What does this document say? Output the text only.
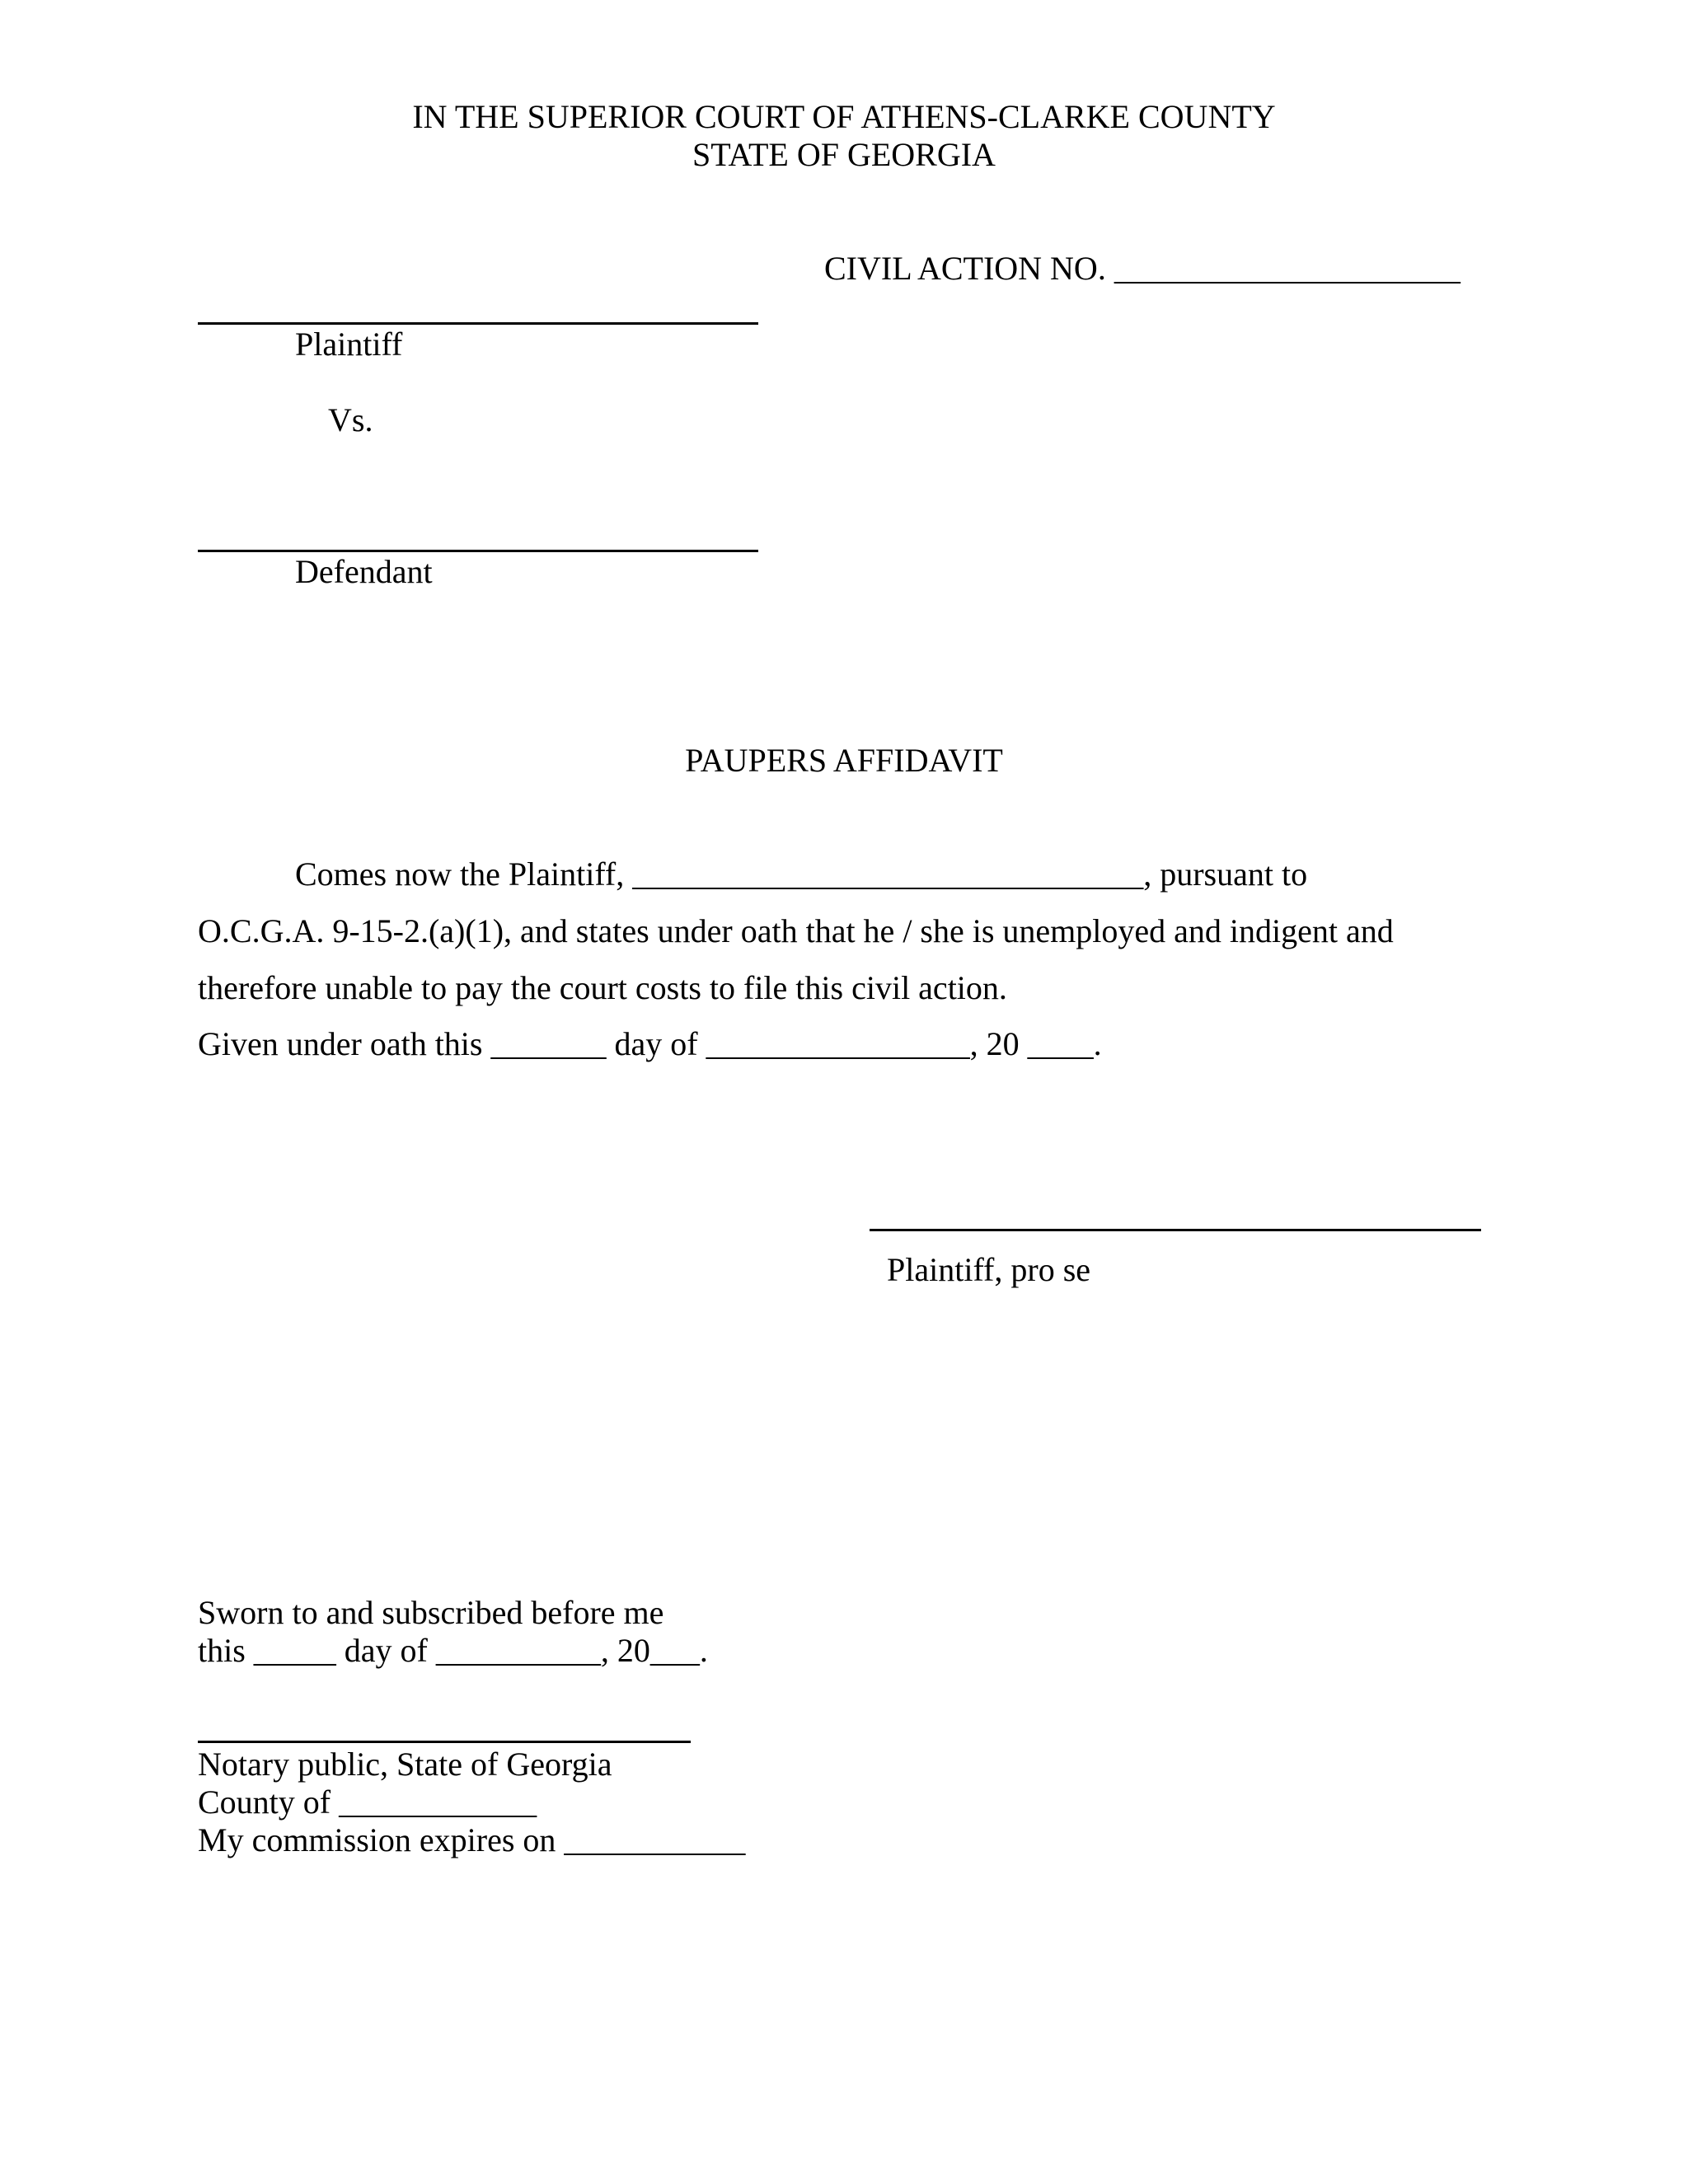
IN THE SUPERIOR COURT OF ATHENS-CLARKE COUNTY

STATE OF GEORGIA

CIVIL ACTION NO. _____________________

Plaintiff

Vs.

Defendant

PAUPERS AFFIDAVIT

Comes now the Plaintiff, _______________________________, pursuant to

O.C.G.A. 9-15-2.(a)(1), and states under oath that he / she is unemployed and indigent and

therefore unable to pay the court costs to file this civil action.

Given under oath this _______ day of ________________, 20 ____.

Plaintiff, pro se

Sworn to and subscribed before me

this _____ day of __________, 20___.

Notary public, State of Georgia

County of ____________

My commission expires on ___________
